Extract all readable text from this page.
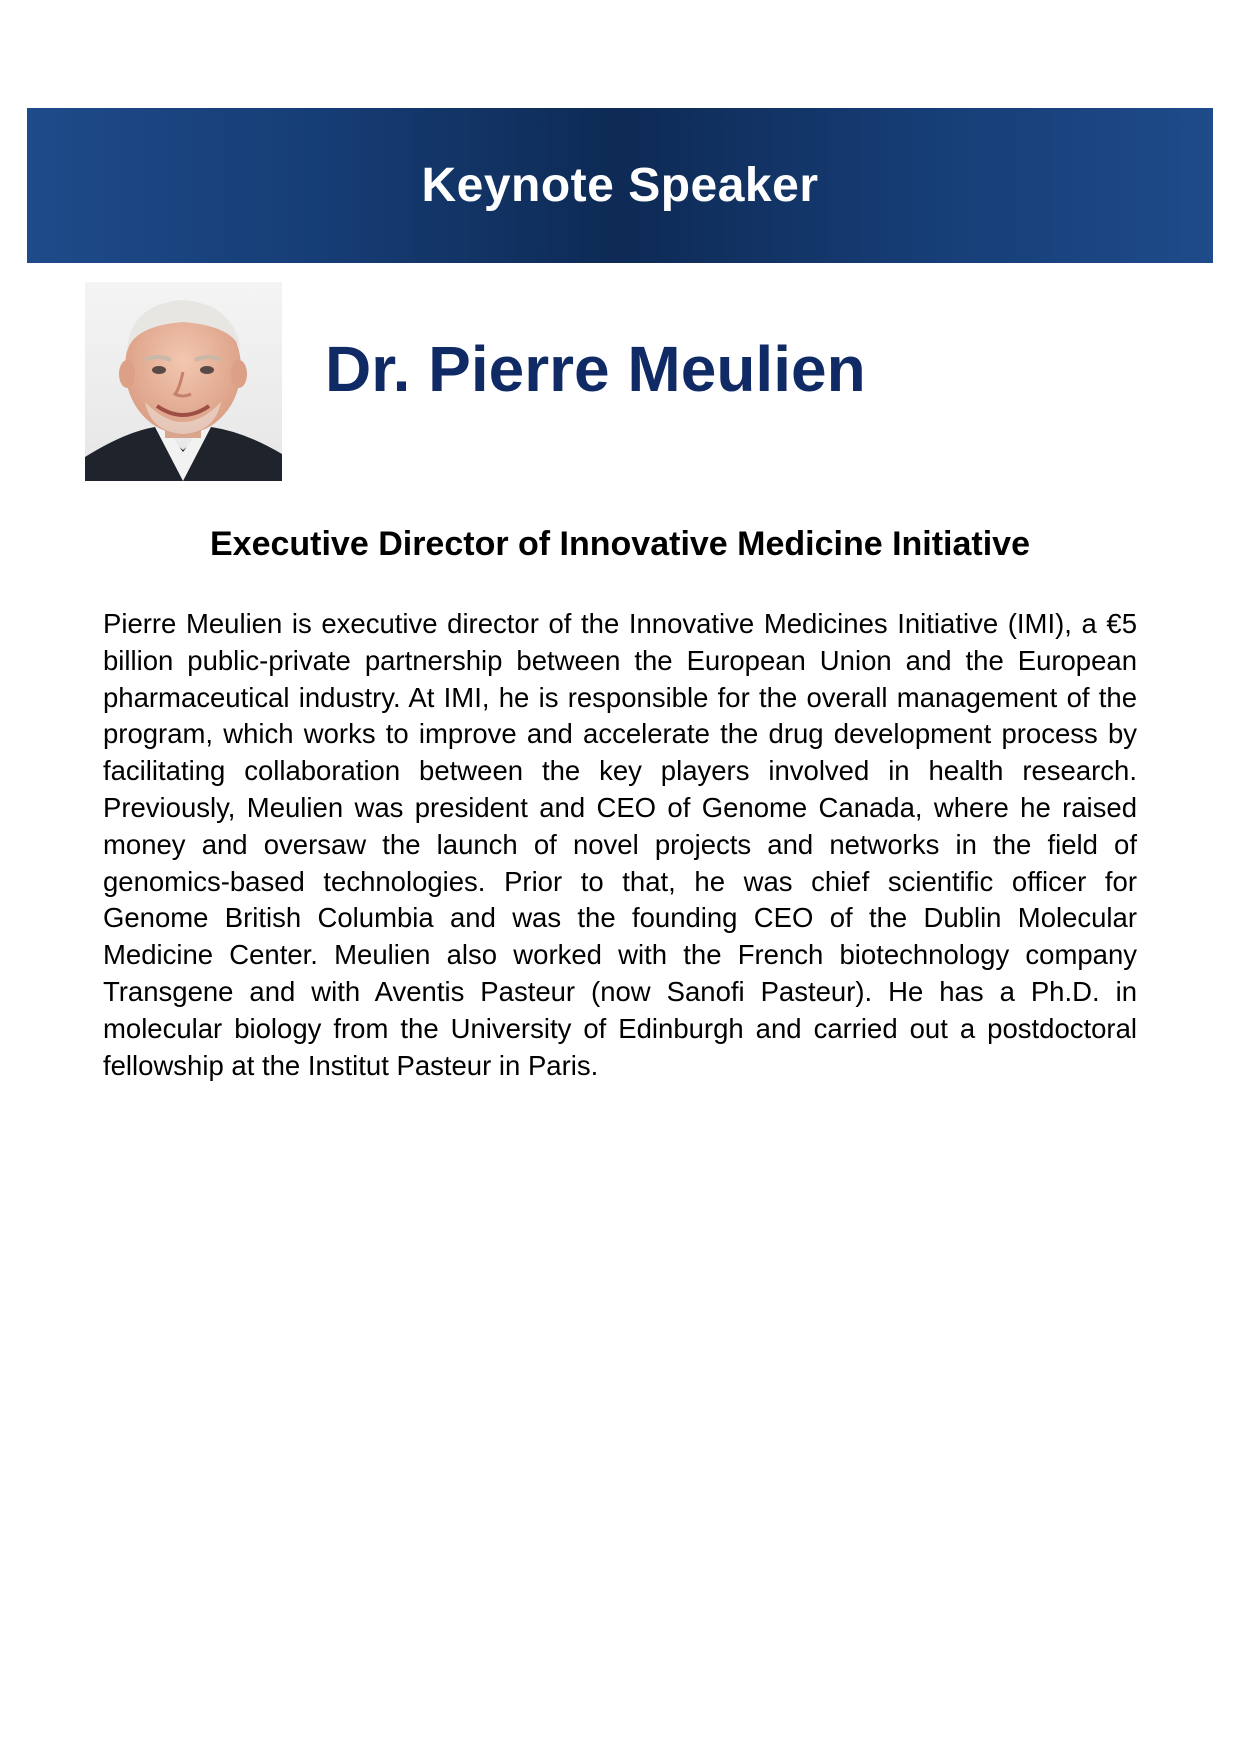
Keynote Speaker
Dr. Pierre Meulien
Executive Director of Innovative Medicine Initiative

Pierre Meulien is executive director of the Innovative Medicines Initiative (IMI), a €5 billion public-private partnership between the European Union and the European pharmaceutical industry. At IMI, he is responsible for the overall management of the program, which works to improve and accelerate the drug development process by facilitating collaboration between the key players involved in health research. Previously, Meulien was president and CEO of Genome Canada, where he raised money and oversaw the launch of novel projects and networks in the field of genomics-based technologies. Prior to that, he was chief scientific officer for Genome British Columbia and was the founding CEO of the Dublin Molecular Medicine Center. Meulien also worked with the French biotechnology company Transgene and with Aventis Pasteur (now Sanofi Pasteur). He has a Ph.D. in molecular biology from the University of Edinburgh and carried out a postdoctoral fellowship at the Institut Pasteur in Paris.
